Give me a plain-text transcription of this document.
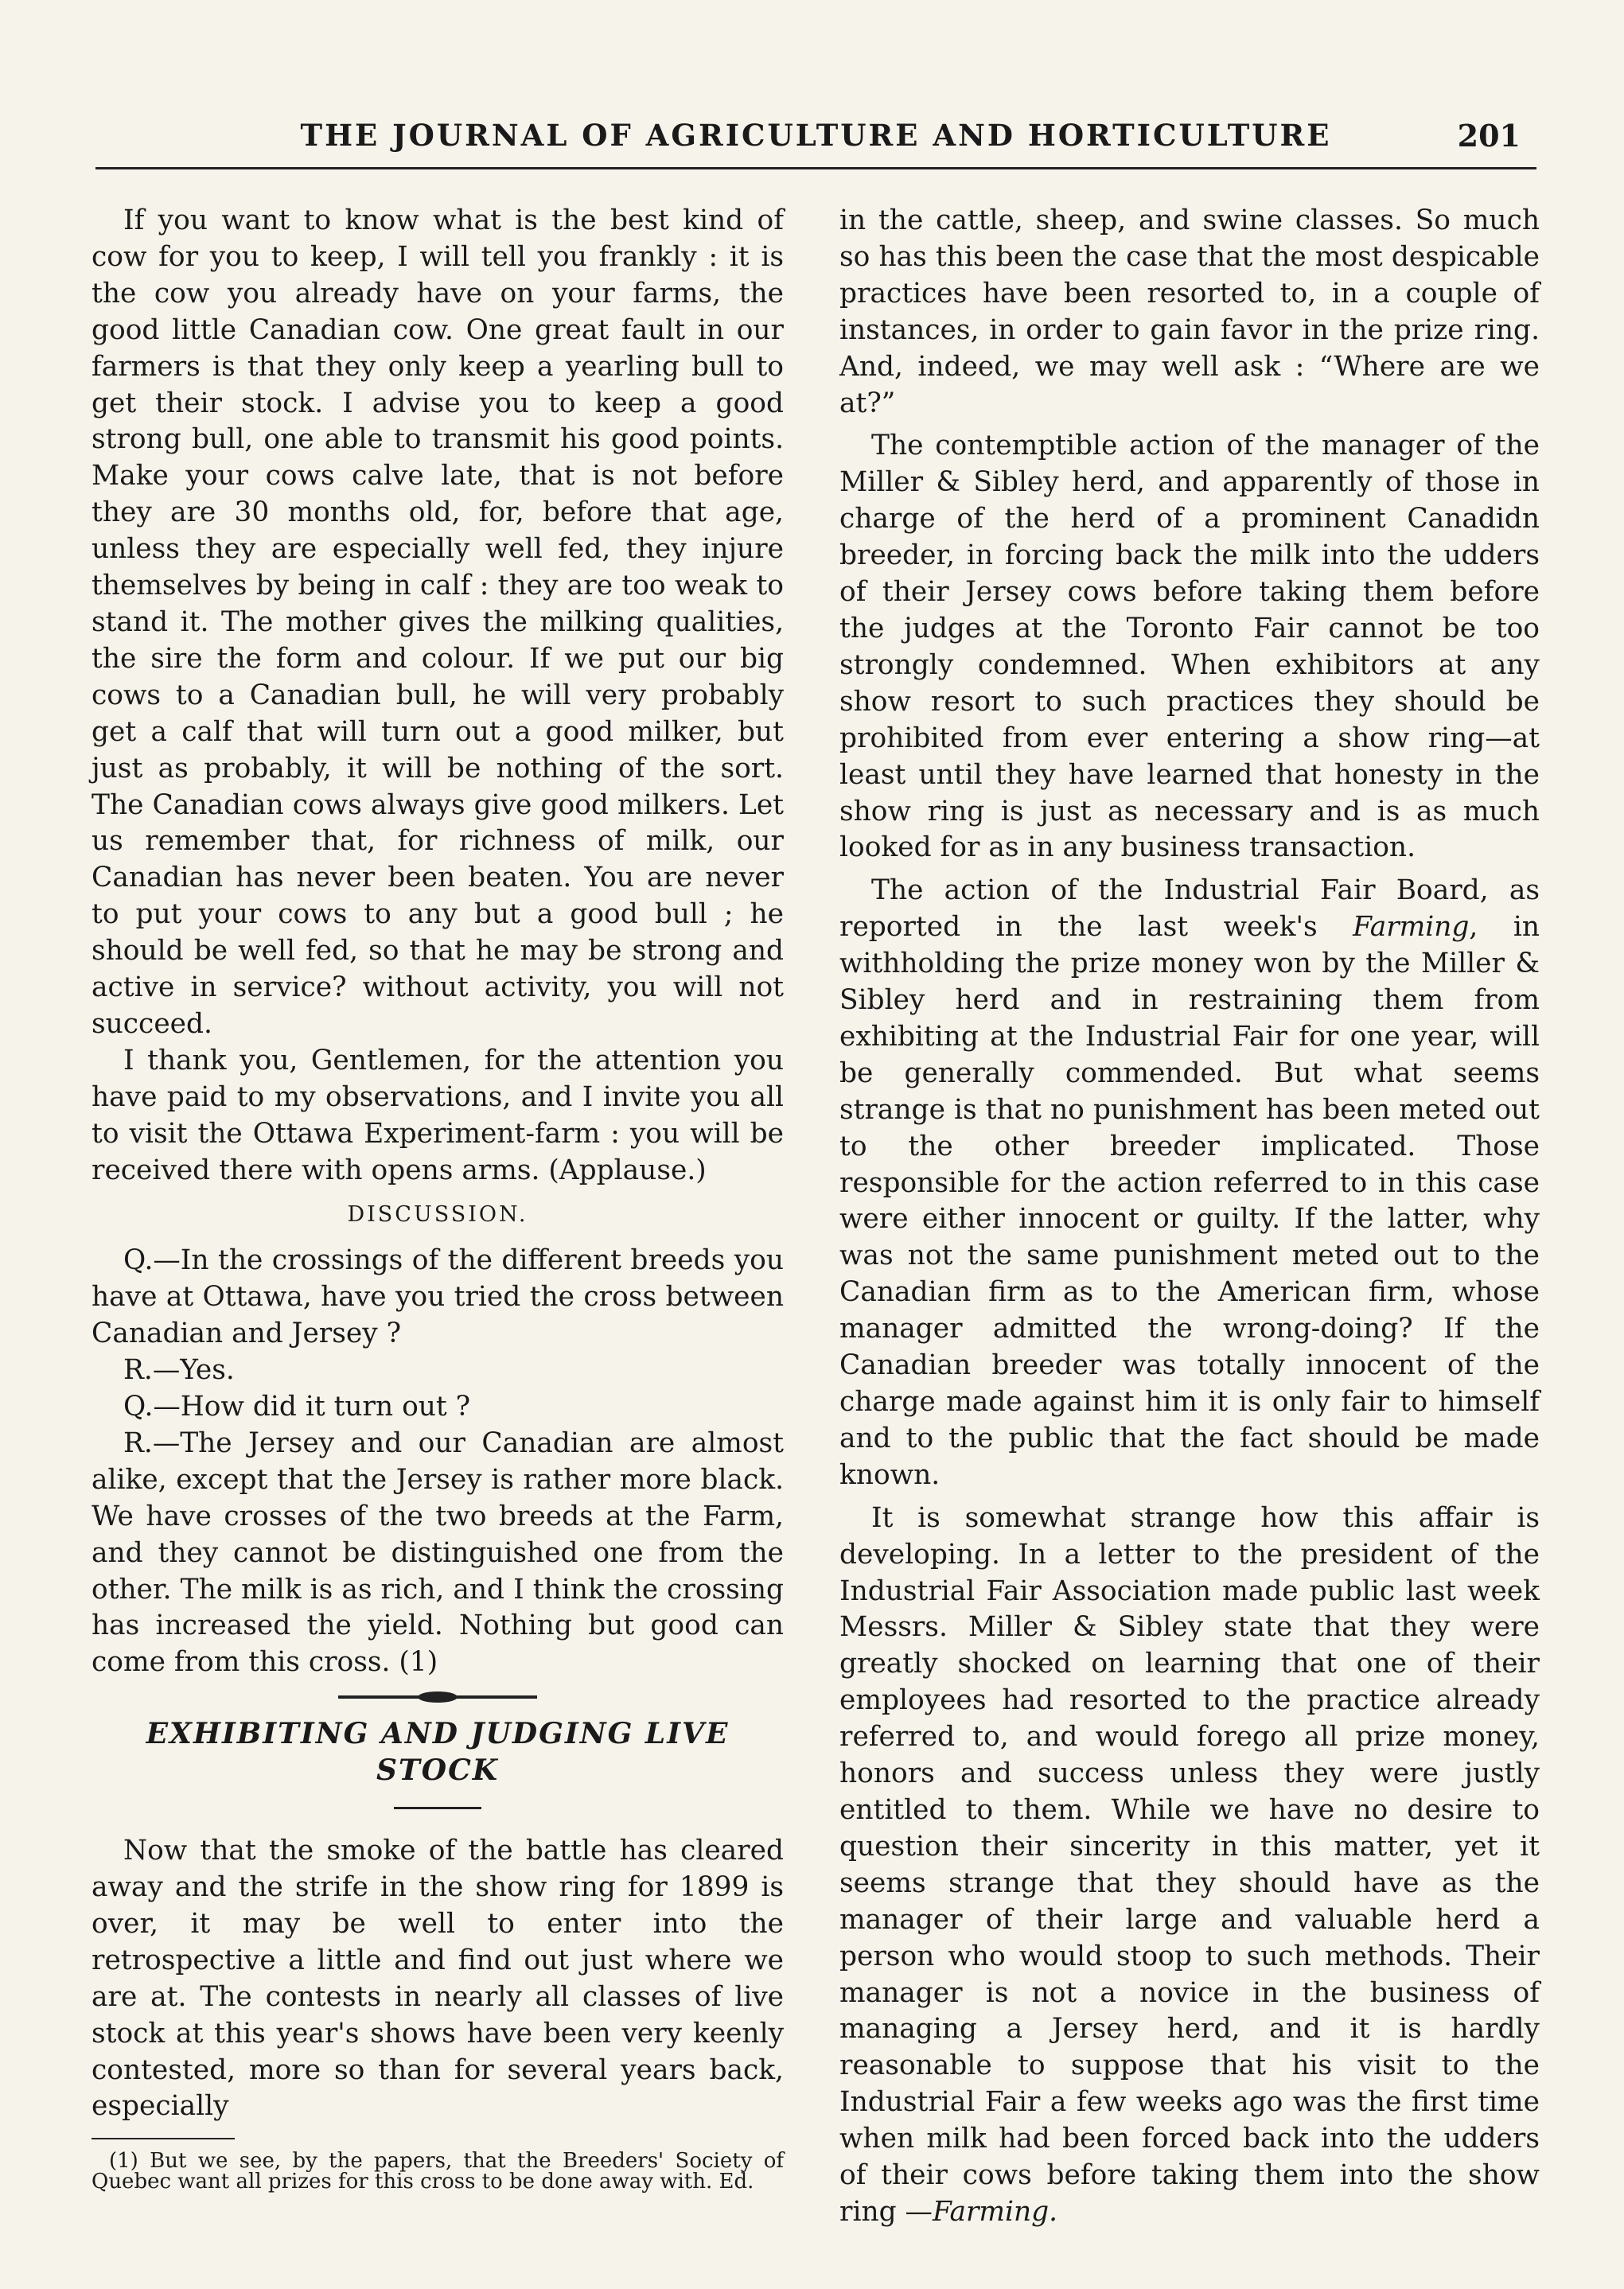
THE JOURNAL OF AGRICULTURE AND HORTICULTURE	201

If you want to know what is the best kind of cow for you to keep, I will tell you frankly : it is the cow you already have on your farms, the good little Canadian cow. One great fault in our farmers is that they only keep a yearling bull to get their stock. I advise you to keep a good strong bull, one able to transmit his good points. Make your cows calve late, that is not before they are 30 months old, for, before that age, unless they are especially well fed, they injure themselves by being in calf : they are too weak to stand it. The mother gives the milking qualities, the sire the form and colour. If we put our big cows to a Canadian bull, he will very probably get a calf that will turn out a good milker, but just as probably, it will be nothing of the sort. The Canadian cows always give good milkers. Let us remember that, for richness of milk, our Canadian has never been beaten. You are never to put your cows to any but a good bull ; he should be well fed, so that he may be strong and active in service? without activity, you will not succeed.

I thank you, Gentlemen, for the attention you have paid to my observations, and I invite you all to visit the Ottawa Experiment-farm : you will be received there with opens arms. (Applause.)

DISCUSSION.

Q.—In the crossings of the different breeds you have at Ottawa, have you tried the cross between Canadian and Jersey ?

R.—Yes.

Q.—How did it turn out ?

R.—The Jersey and our Canadian are almost alike, except that the Jersey is rather more black. We have crosses of the two breeds at the Farm, and they cannot be distinguished one from the other. The milk is as rich, and I think the crossing has increased the yield. Nothing but good can come from this cross. (1)

EXHIBITING AND JUDGING LIVE STOCK

Now that the smoke of the battle has cleared away and the strife in the show ring for 1899 is over, it may be well to enter into the retrospective a little and find out just where we are at. The contests in nearly all classes of live stock at this year's shows have been very keenly contested, more so than for several years back, especially

(1) But we see, by the papers, that the Breeders' Society of Quebec want all prizes for this cross to be done away with. Ed.

in the cattle, sheep, and swine classes. So much so has this been the case that the most despicable practices have been resorted to, in a couple of instances, in order to gain favor in the prize ring. And, indeed, we may well ask : “Where are we at?”

The contemptible action of the manager of the Miller & Sibley herd, and apparently of those in charge of the herd of a prominent Canadidn breeder, in forcing back the milk into the udders of their Jersey cows before taking them before the judges at the Toronto Fair cannot be too strongly condemned. When exhibitors at any show resort to such practices they should be prohibited from ever entering a show ring—at least until they have learned that honesty in the show ring is just as necessary and is as much looked for as in any business transaction.

The action of the Industrial Fair Board, as reported in the last week's Farming, in withholding the prize money won by the Miller & Sibley herd and in restraining them from exhibiting at the Industrial Fair for one year, will be generally commended. But what seems strange is that no punishment has been meted out to the other breeder implicated. Those responsible for the action referred to in this case were either innocent or guilty. If the latter, why was not the same punishment meted out to the Canadian firm as to the American firm, whose manager admitted the wrong-doing? If the Canadian breeder was totally innocent of the charge made against him it is only fair to himself and to the public that the fact should be made known.

It is somewhat strange how this affair is developing. In a letter to the president of the Industrial Fair Association made public last week Messrs. Miller & Sibley state that they were greatly shocked on learning that one of their employees had resorted to the practice already referred to, and would forego all prize money, honors and success unless they were justly entitled to them. While we have no desire to question their sincerity in this matter, yet it seems strange that they should have as the manager of their large and valuable herd a person who would stoop to such methods. Their manager is not a novice in the business of managing a Jersey herd, and it is hardly reasonable to suppose that his visit to the Industrial Fair a few weeks ago was the first time when milk had been forced back into the udders of their cows before taking them into the show ring —Farming.
